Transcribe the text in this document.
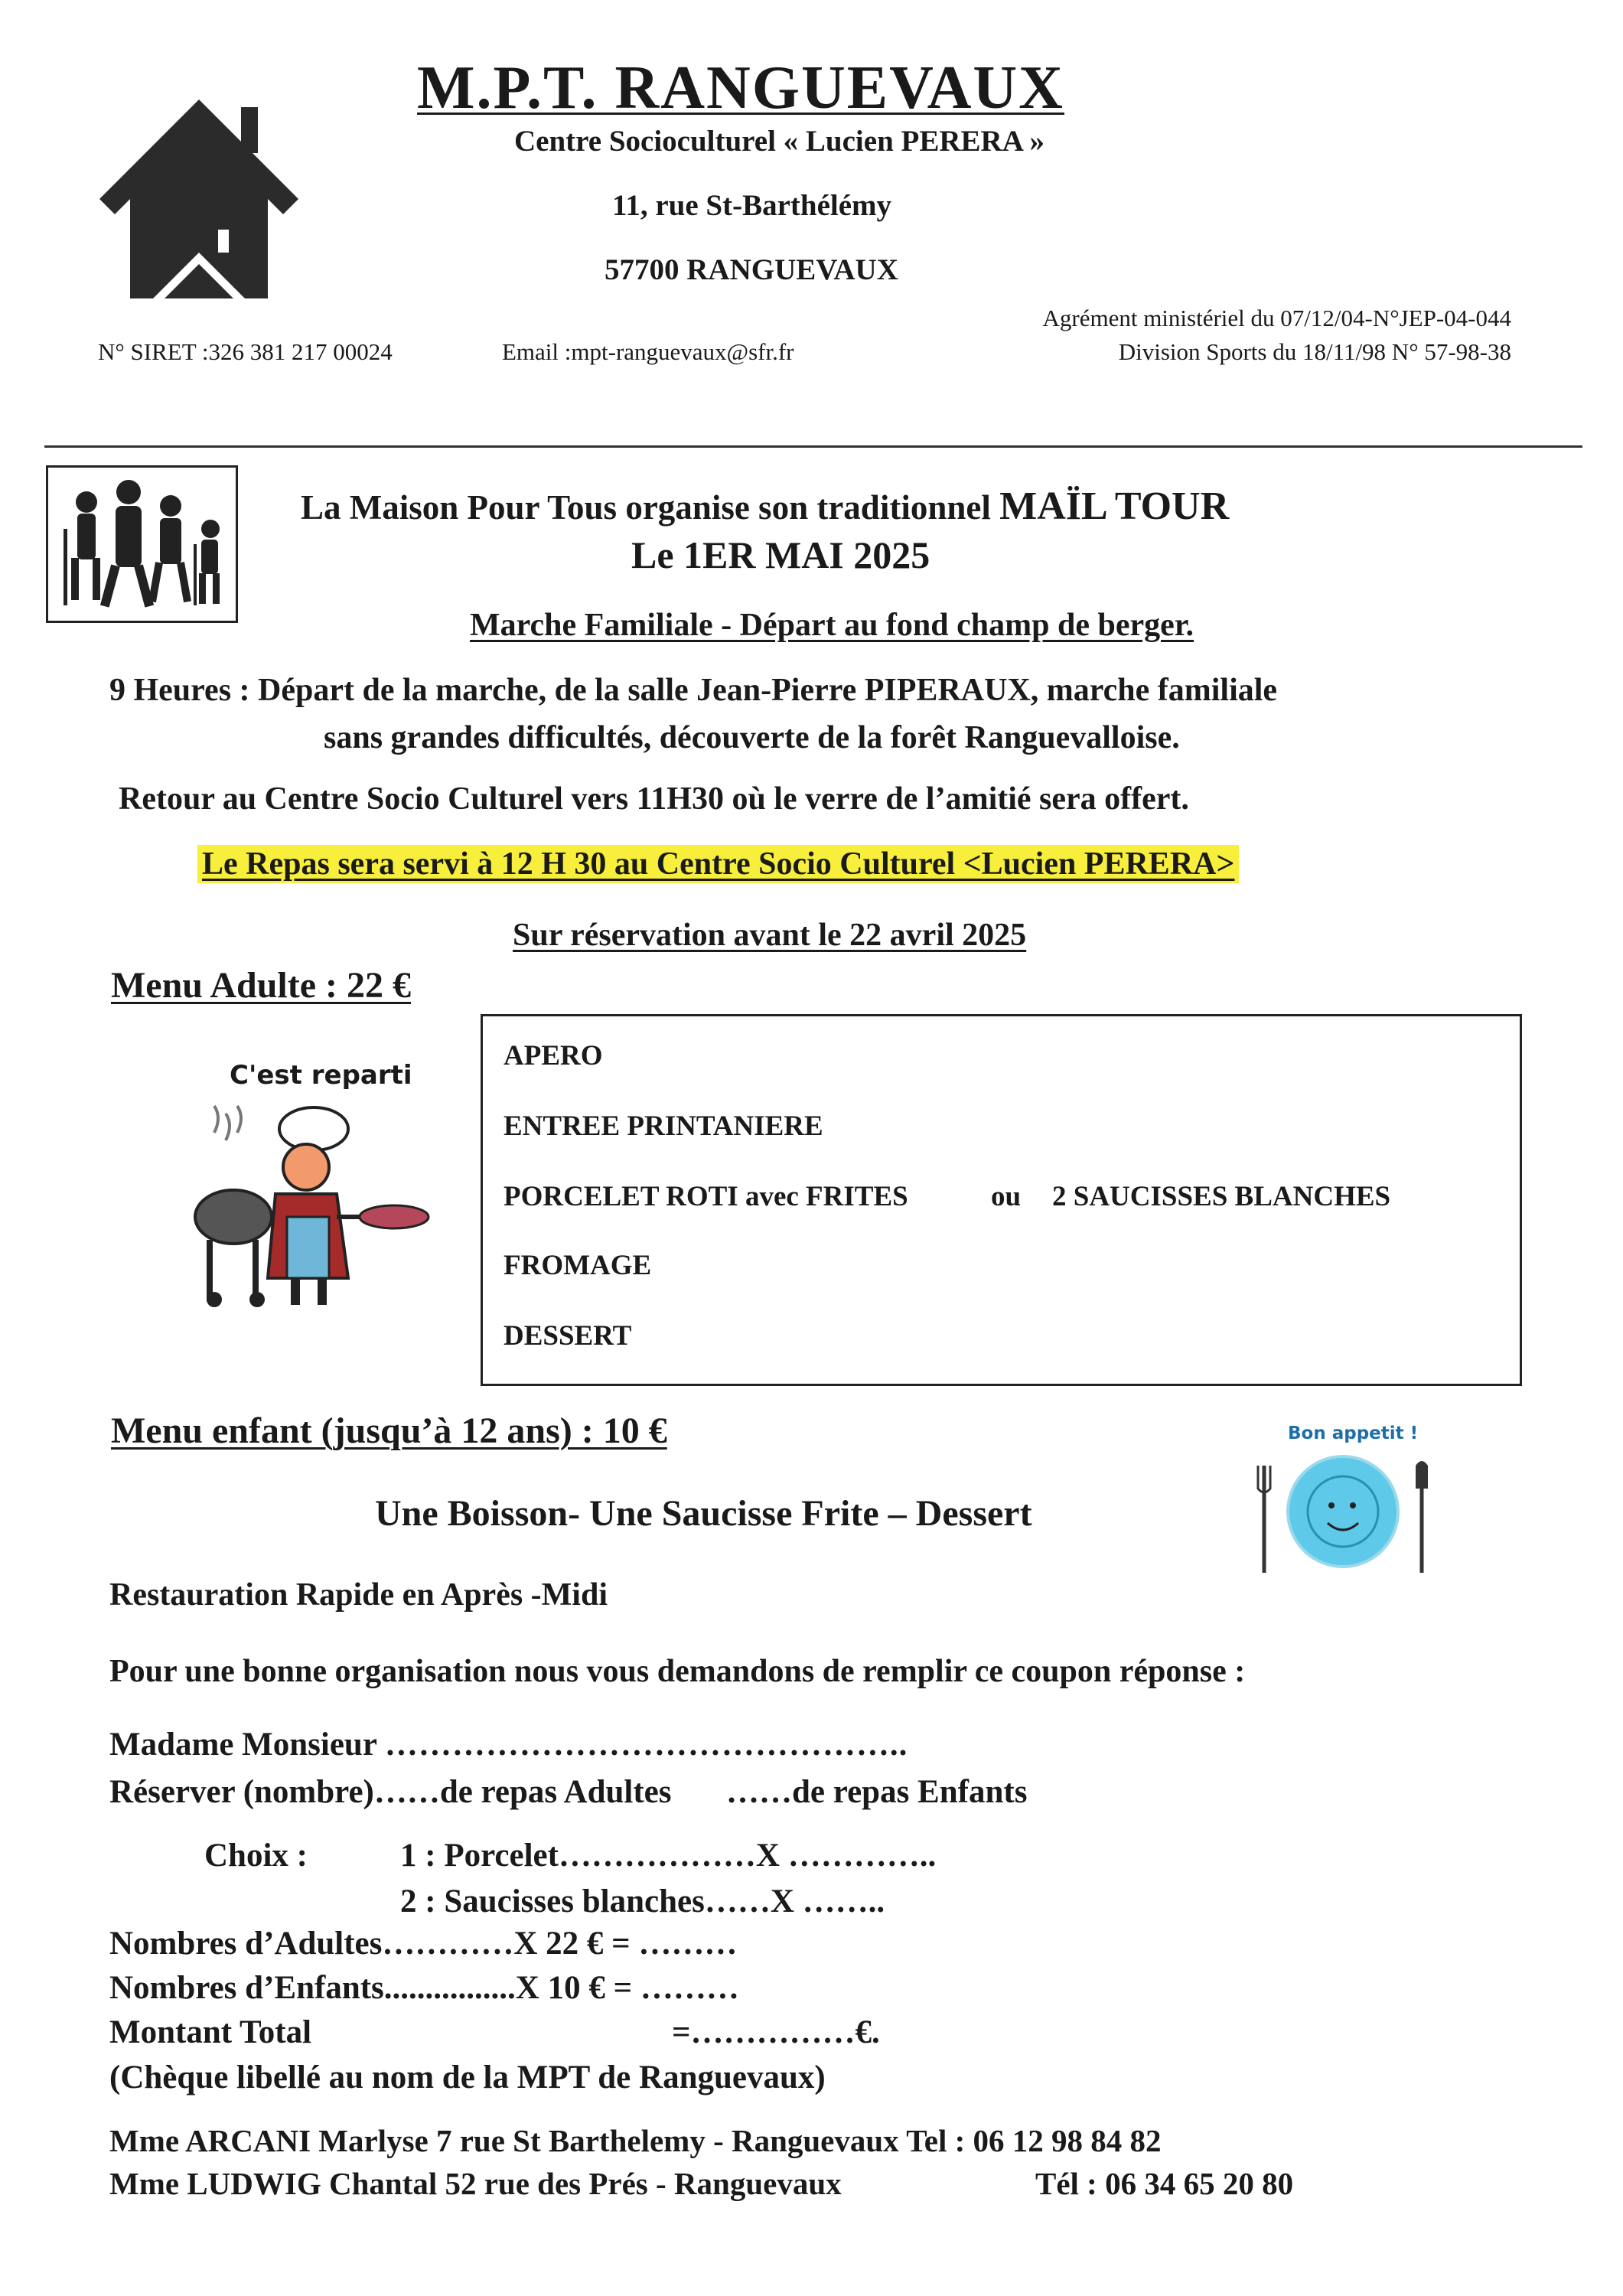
M.P.T. RANGUEVAUX
Centre Socioculturel « Lucien PERERA »
11, rue St-Barthélémy
57700 RANGUEVAUX
N° SIRET :326 381 217 00024	Email :mpt-ranguevaux@sfr.fr
Agrément ministériel du 07/12/04-N°JEP-04-044
Division Sports du 18/11/98 N° 57-98-38
La Maison Pour Tous organise son traditionnel MAÏL TOUR
Le 1ER MAI 2025
Marche Familiale - Départ au fond champ de berger.
9 Heures : Départ de la marche, de la salle Jean-Pierre PIPERAUX, marche familiale
sans grandes difficultés, découverte de la forêt Ranguevalloise.
Retour au Centre Socio Culturel vers 11H30 où le verre de l’amitié sera offert.
Le Repas sera servi à 12 H 30 au Centre Socio Culturel <Lucien PERERA>
Sur réservation avant le 22 avril 2025
Menu Adulte : 22 €
C'est reparti
APERO
ENTREE PRINTANIERE
PORCELET ROTI avec FRITES	ou 2 SAUCISSES BLANCHES
FROMAGE
DESSERT
Menu enfant (jusqu’à 12 ans) : 10 €
Une Boisson- Une Saucisse Frite – Dessert
Bon appetit !
Restauration Rapide en Après -Midi
Pour une bonne organisation nous vous demandons de remplir ce coupon réponse :
Madame Monsieur ………………………………………..
Réserver (nombre)……de repas Adultes ……de repas Enfants
Choix :	1 : Porcelet………………X …………..
2 : Saucisses blanches……X ……..
Nombres d’Adultes…………X 22 € = ………
Nombres d’Enfants................X 10 € = ………
Montant Total	=……………€.
(Chèque libellé au nom de la MPT de Ranguevaux)
Mme ARCANI Marlyse 7 rue St Barthelemy - Ranguevaux Tel : 06 12 98 84 82
Mme LUDWIG Chantal 52 rue des Prés - Ranguevaux	Tél : 06 34 65 20 80
